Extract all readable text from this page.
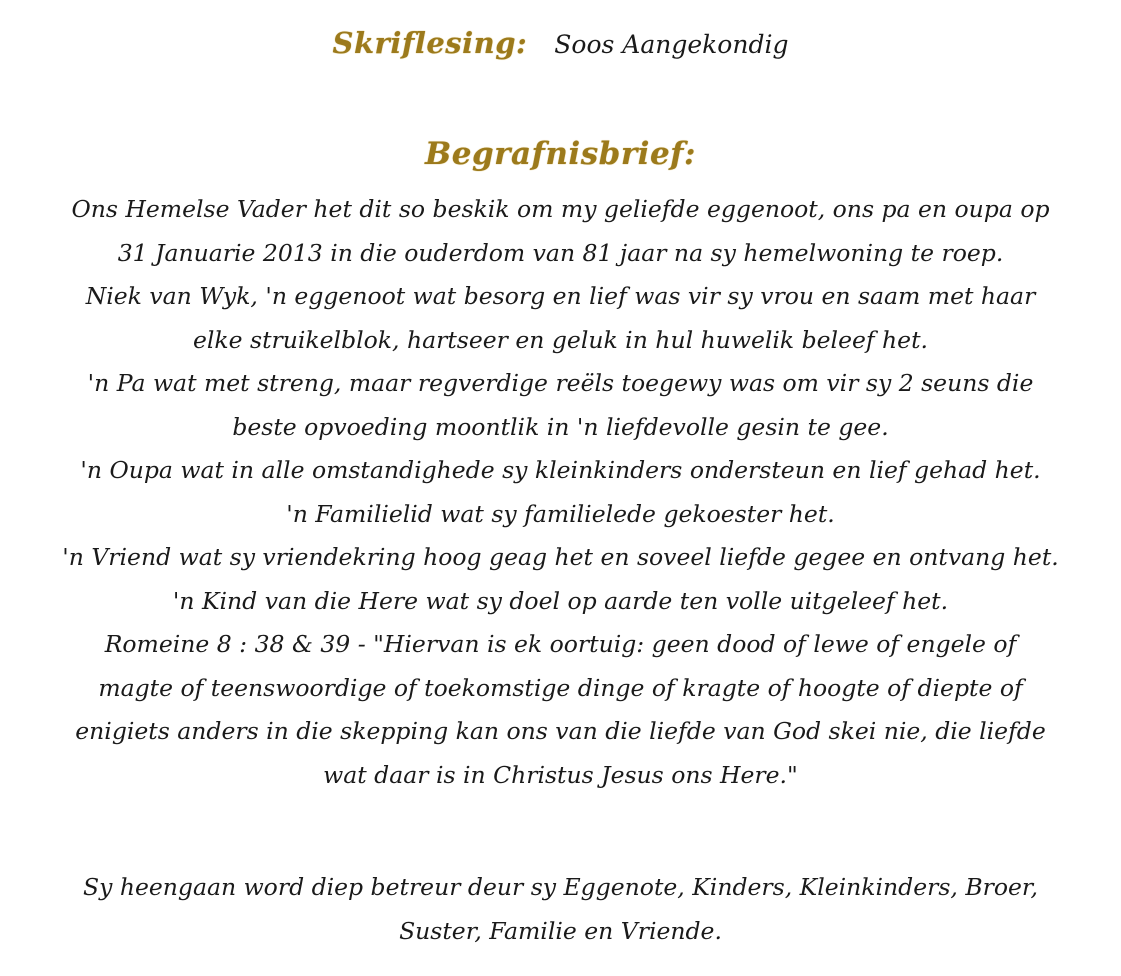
Skriflesing: Soos Aangekondig
Begrafnisbrief:
Ons Hemelse Vader het dit so beskik om my geliefde eggenoot, ons pa en oupa op
31 Januarie 2013 in die ouderdom van 81 jaar na sy hemelwoning te roep.
Niek van Wyk, 'n eggenoot wat besorg en lief was vir sy vrou en saam met haar
elke struikelblok, hartseer en geluk in hul huwelik beleef het.
'n Pa wat met streng, maar regverdige reëls toegewy was om vir sy 2 seuns die
beste opvoeding moontlik in 'n liefdevolle gesin te gee.
'n Oupa wat in alle omstandighede sy kleinkinders ondersteun en lief gehad het.
'n Familielid wat sy familielede gekoester het.
'n Vriend wat sy vriendekring hoog geag het en soveel liefde gegee en ontvang het.
'n Kind van die Here wat sy doel op aarde ten volle uitgeleef het.
Romeine 8 : 38 & 39 - "Hiervan is ek oortuig: geen dood of lewe of engele of
magte of teenswoordige of toekomstige dinge of kragte of hoogte of diepte of
enigiets anders in die skepping kan ons van die liefde van God skei nie, die liefde
wat daar is in Christus Jesus ons Here."
Sy heengaan word diep betreur deur sy Eggenote, Kinders, Kleinkinders, Broer,
Suster, Familie en Vriende.
